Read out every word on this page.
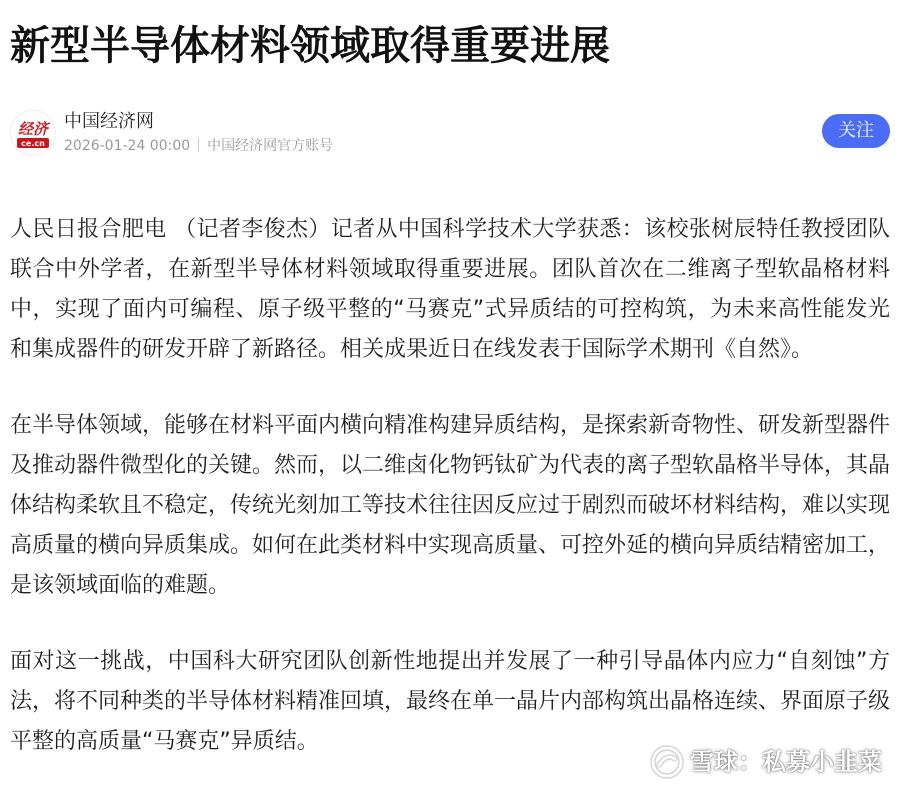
新型半导体材料领域取得重要进展
经济
ce.cn
中国经济网
2026-01-24 00:00 中国经济网官方账号
关注

人民日报合肥电 （记者李俊杰）记者从中国科学技术大学获悉：该校张树辰特任教授团队联合中外学者，在新型半导体材料领域取得重要进展。团队首次在二维离子型软晶格材料中，实现了面内可编程、原子级平整的“马赛克”式异质结的可控构筑，为未来高性能发光和集成器件的研发开辟了新路径。相关成果近日在线发表于国际学术期刊《自然》。

在半导体领域，能够在材料平面内横向精准构建异质结构，是探索新奇物性、研发新型器件及推动器件微型化的关键。然而，以二维卤化物钙钛矿为代表的离子型软晶格半导体，其晶体结构柔软且不稳定，传统光刻加工等技术往往因反应过于剧烈而破坏材料结构，难以实现高质量的横向异质集成。如何在此类材料中实现高质量、可控外延的横向异质结精密加工，是该领域面临的难题。

面对这一挑战，中国科大研究团队创新性地提出并发展了一种引导晶体内应力“自刻蚀”方法，将不同种类的半导体材料精准回填，最终在单一晶片内部构筑出晶格连续、界面原子级平整的高质量“马赛克”异质结。

雪球：私募小韭菜
